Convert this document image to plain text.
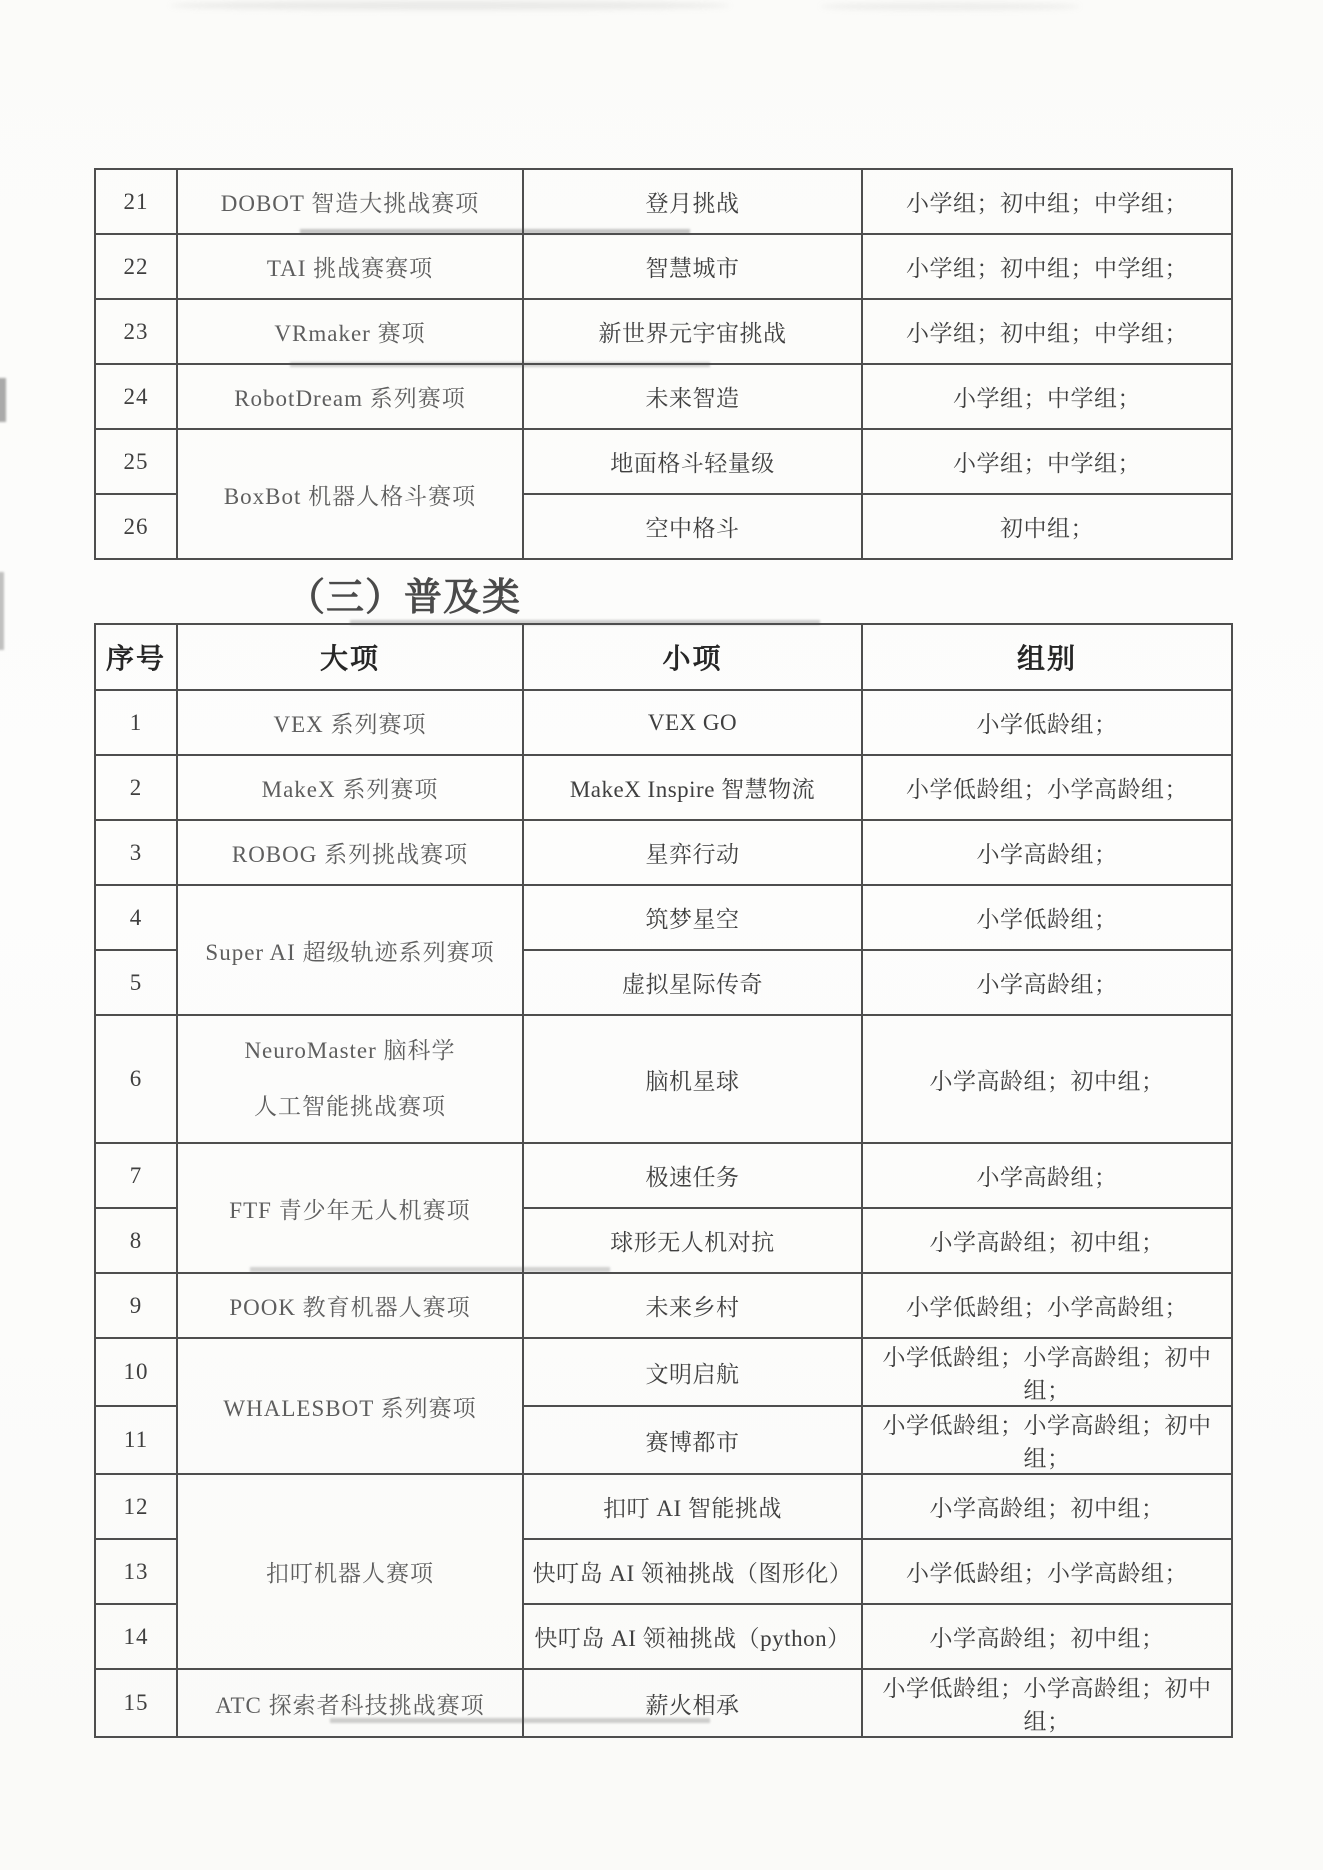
21	DOBOT 智造大挑战赛项	登月挑战	小学组；初中组；中学组；
22	TAI 挑战赛赛项	智慧城市	小学组；初中组；中学组；
23	VRmaker 赛项	新世界元宇宙挑战	小学组；初中组；中学组；
24	RobotDream 系列赛项	未来智造	小学组；中学组；
25	BoxBot 机器人格斗赛项	地面格斗轻量级	小学组；中学组；
26		空中格斗	初中组；
（三）普及类
序号	大项	小项	组别
1	VEX 系列赛项	VEX GO	小学低龄组；
2	MakeX 系列赛项	MakeX Inspire 智慧物流	小学低龄组；小学高龄组；
3	ROBOG 系列挑战赛项	星弈行动	小学高龄组；
4	Super AI 超级轨迹系列赛项	筑梦星空	小学低龄组；
5		虚拟星际传奇	小学高龄组；
6	NeuroMaster 脑科学
人工智能挑战赛项	脑机星球	小学高龄组；初中组；
7	FTF 青少年无人机赛项	极速任务	小学高龄组；
8		球形无人机对抗	小学高龄组；初中组；
9	POOK 教育机器人赛项	未来乡村	小学低龄组；小学高龄组；
10	WHALESBOT 系列赛项	文明启航	小学低龄组；小学高龄组；初中组；
11		赛博都市	小学低龄组；小学高龄组；初中组；
12	扣叮机器人赛项	扣叮 AI 智能挑战	小学高龄组；初中组；
13		快叮岛 AI 领袖挑战（图形化）	小学低龄组；小学高龄组；
14		快叮岛 AI 领袖挑战（python）	小学高龄组；初中组；
15	ATC 探索者科技挑战赛项	薪火相承	小学低龄组；小学高龄组；初中组；
